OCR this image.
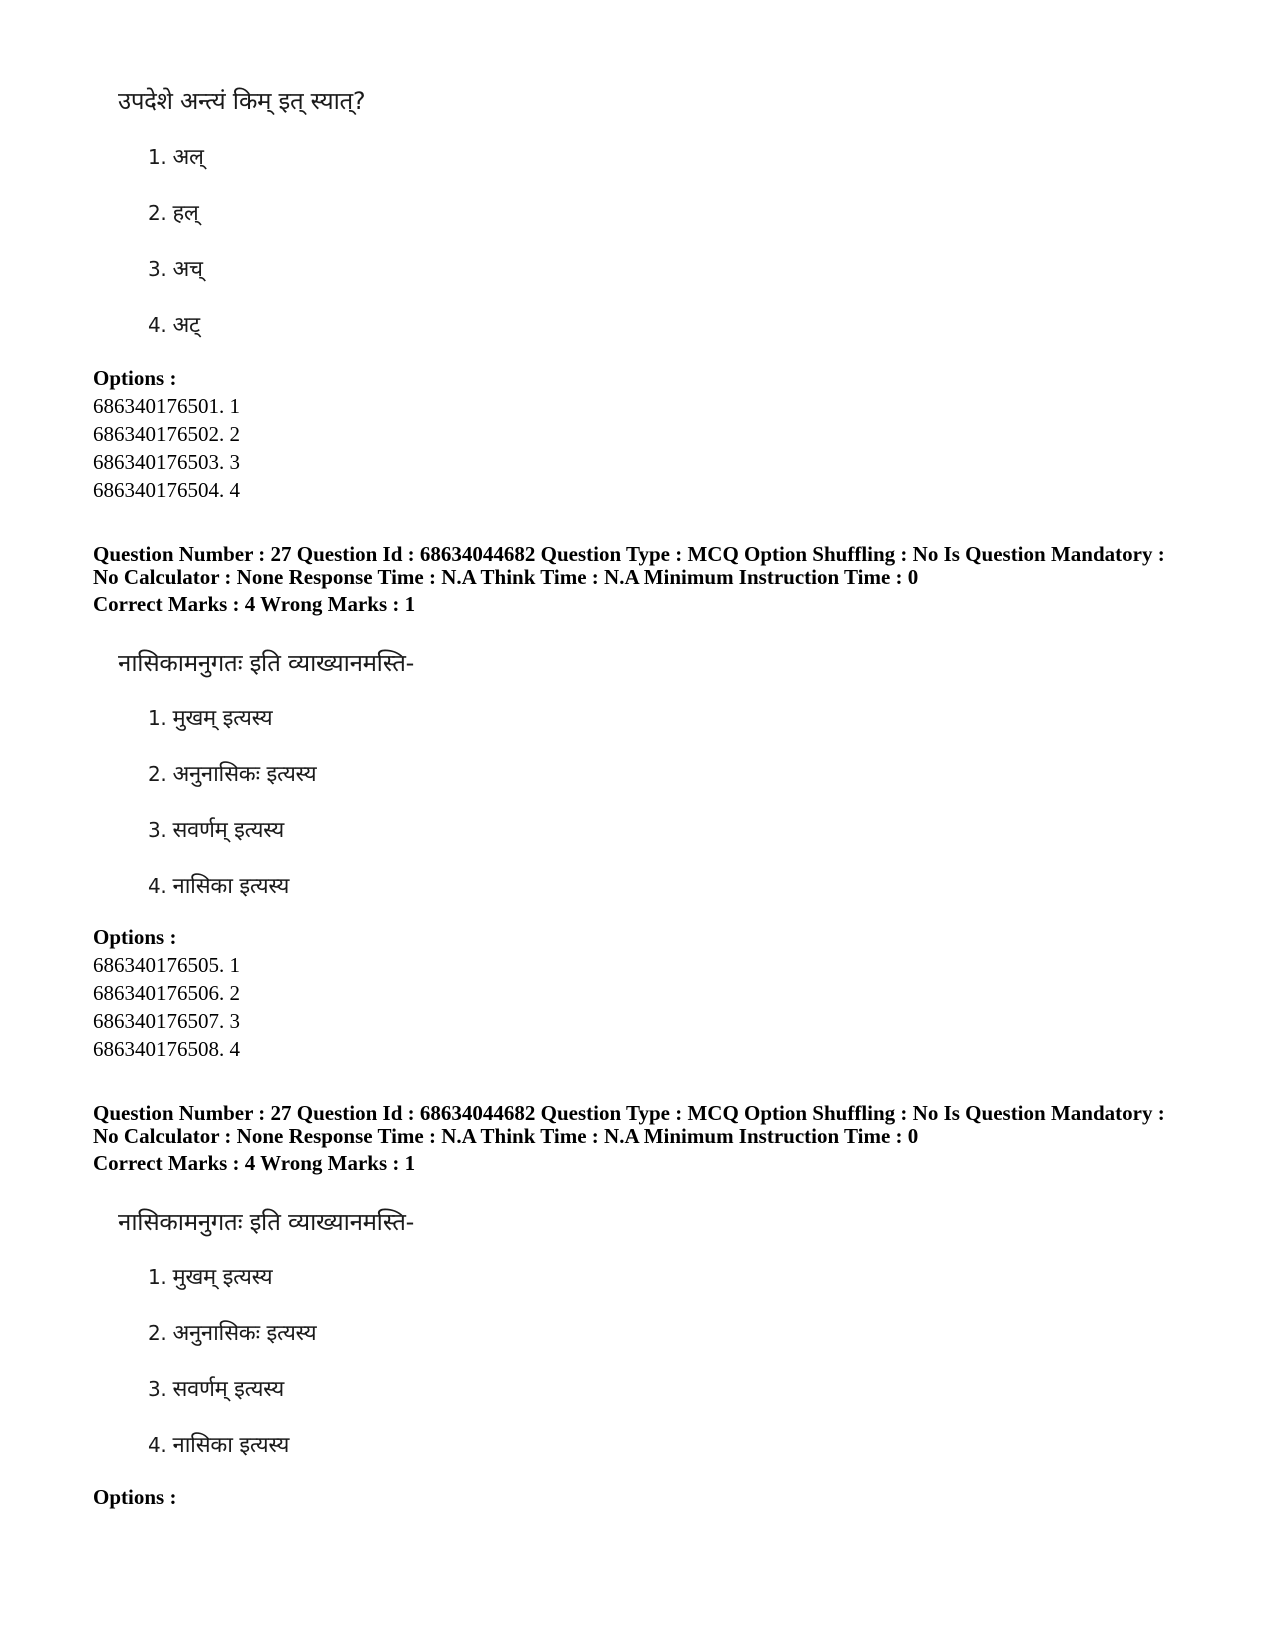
उपदेशे अन्त्यं किम् इत् स्यात्?
1. अल्
2. हल्
3. अच्
4. अट्
Options :
686340176501. 1
686340176502. 2
686340176503. 3
686340176504. 4
Question Number : 27 Question Id : 68634044682 Question Type : MCQ Option Shuffling : No Is Question Mandatory :
No Calculator : None Response Time : N.A Think Time : N.A Minimum Instruction Time : 0
Correct Marks : 4 Wrong Marks : 1
नासिकामनुगतः इति व्याख्यानमस्ति-
1. मुखम् इत्यस्य
2. अनुनासिकः इत्यस्य
3. सवर्णम् इत्यस्य
4. नासिका इत्यस्य
Options :
686340176505. 1
686340176506. 2
686340176507. 3
686340176508. 4
Question Number : 27 Question Id : 68634044682 Question Type : MCQ Option Shuffling : No Is Question Mandatory :
No Calculator : None Response Time : N.A Think Time : N.A Minimum Instruction Time : 0
Correct Marks : 4 Wrong Marks : 1
नासिकामनुगतः इति व्याख्यानमस्ति-
1. मुखम् इत्यस्य
2. अनुनासिकः इत्यस्य
3. सवर्णम् इत्यस्य
4. नासिका इत्यस्य
Options :
